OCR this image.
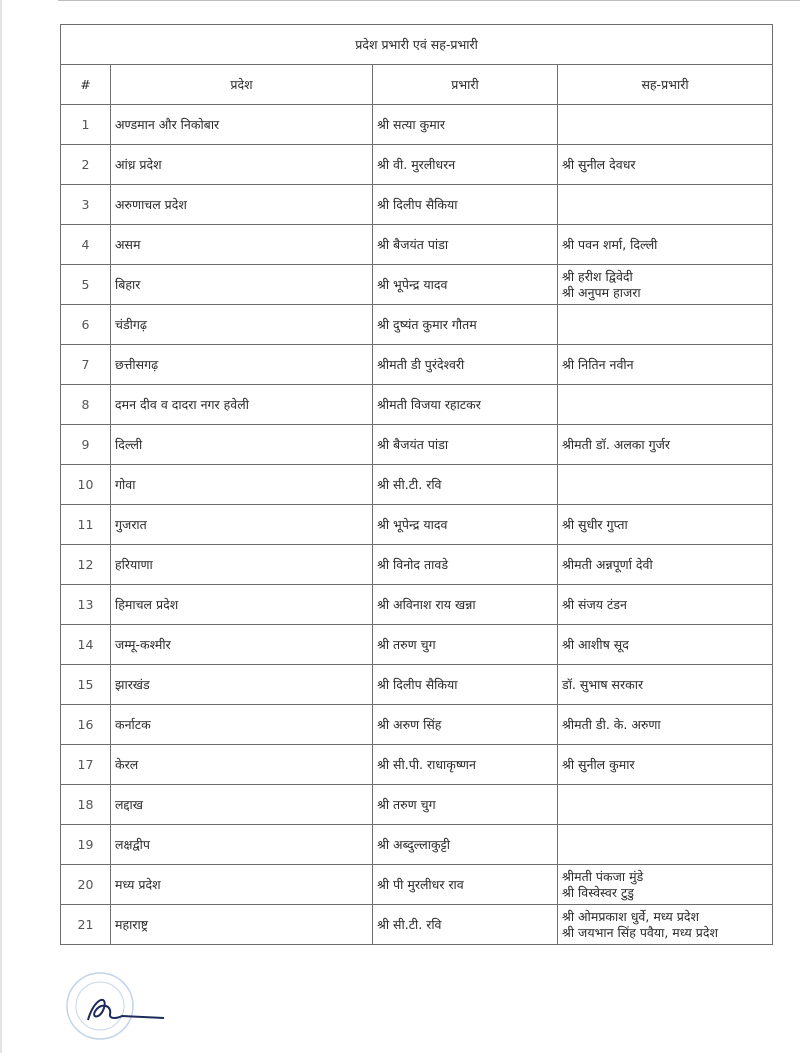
प्रदेश प्रभारी एवं सह-प्रभारी			
#	प्रदेश	प्रभारी	सह-प्रभारी
1	अण्डमान और निकोबार	श्री सत्या कुमार	
2	आंध्र प्रदेश	श्री वी. मुरलीधरन	श्री सुनील देवधर

3	अरुणाचल प्रदेश	श्री दिलीप सैकिया	
4	असम	श्री बैजयंत पांडा	श्री पवन शर्मा, दिल्ली

5	बिहार	श्री भूपेन्द्र यादव	श्री हरीश द्विवेदी
श्री अनुपम हाजरा

6	चंडीगढ़	श्री दुष्यंत कुमार गौतम	
7	छत्तीसगढ़	श्रीमती डी पुरंदेश्वरी	श्री नितिन नवीन

8	दमन दीव व दादरा नगर हवेली	श्रीमती विजया रहाटकर	
9	दिल्ली	श्री बैजयंत पांडा	श्रीमती डॉ. अलका गुर्जर

10	गोवा	श्री सी.टी. रवि	
11	गुजरात	श्री भूपेन्द्र यादव	श्री सुधीर गुप्ता

12	हरियाणा	श्री विनोद तावडे	श्रीमती अन्नपूर्णा देवी

13	हिमाचल प्रदेश	श्री अविनाश राय खन्ना	श्री संजय टंडन

14	जम्मू-कश्मीर	श्री तरुण चुग	श्री आशीष सूद

15	झारखंड	श्री दिलीप सैकिया	डॉ. सुभाष सरकार

16	कर्नाटक	श्री अरुण सिंह	श्रीमती डी. के. अरुणा

17	केरल	श्री सी.पी. राधाकृष्णन	श्री सुनील कुमार

18	लद्दाख	श्री तरुण चुग	
19	लक्षद्वीप	श्री अब्दुल्लाकुट्टी	
20	मध्य प्रदेश	श्री पी मुरलीधर राव	श्रीमती पंकजा मुंडे
श्री विस्वेस्वर टुडु

21	महाराष्ट्र	श्री सी.टी. रवि	श्री ओमप्रकाश धुर्वे, मध्य प्रदेश
श्री जयभान सिंह पवैया, मध्य प्रदेश
